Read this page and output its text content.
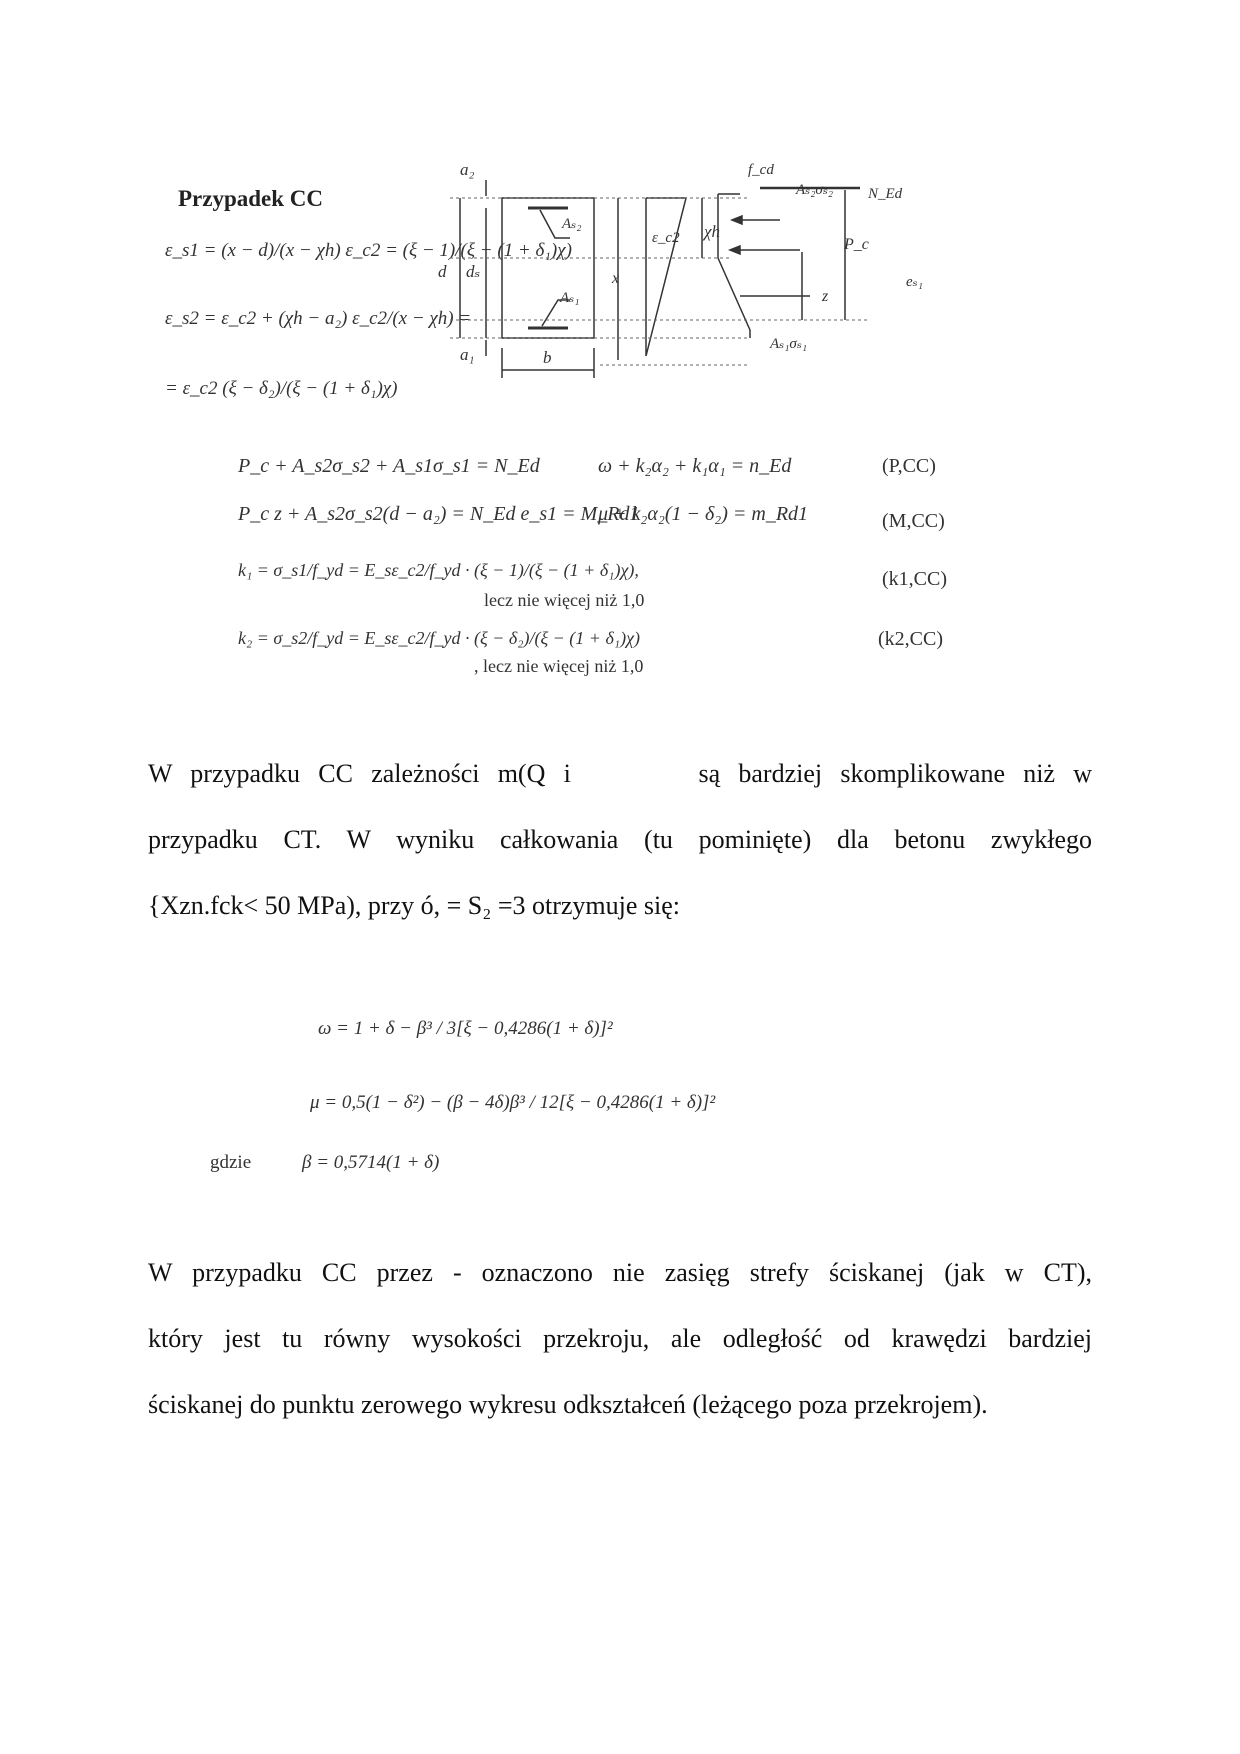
Przypadek CC
ε_s1 = (x − d)/(x − χh) ε_c2 = (ξ − 1)/(ξ − (1 + δ₁)χ)
ε_s2 = ε_c2 + (χh − a₂) ε_c2/(x − χh) =
= ε_c2 (ξ − δ₂)/(ξ − (1 + δ₁)χ)
a₂
a₁
d dₛ
b
Aₛ₂
Aₛ₁
x
ε_c2 χh
f_cd
Aₛ₂σₛ₂ N_Ed
P_c
z
eₛ₁
Aₛ₁σₛ₁
P_c + A_s2σ_s2 + A_s1σ_s1 = N_Ed	ω + k₂α₂ + k₁α₁ = n_Ed	(P,CC)
P_c z + A_s2σ_s2(d − a₂) = N_Ed e_s1 = M_Rd1
μ + k₂α₂(1 − δ₂) = m_Rd1	(M,CC)
k₁ = σ_s1/f_yd = E_sε_c2/f_yd · (ξ − 1)/(ξ − (1 + δ₁)χ),
lecz nie więcej niż 1,0
(k1,CC)
k₂ = σ_s2/f_yd = E_sε_c2/f_yd · (ξ − δ₂)/(ξ − (1 + δ₁)χ)
, lecz nie więcej niż 1,0
(k2,CC)

W przypadku CC zależności m(Q i       są bardziej skomplikowane niż w

przypadku CT. W wyniku całkowania (tu pominięte) dla betonu zwykłego

{Xzn.fck< 50 MPa), przy ó, = S₂ =3 otrzymuje się:

ω = 1 + δ − β³ / 3[ξ − 0,4286(1 + δ)]²
μ = 0,5(1 − δ²) − (β − 4δ)β³ / 12[ξ − 0,4286(1 + δ)]²
gdzie	β = 0,5714(1 + δ)

W przypadku CC przez - oznaczono nie zasięg strefy ściskanej (jak w CT),

który jest tu równy wysokości przekroju, ale odległość od krawędzi bardziej

ściskanej do punktu zerowego wykresu odkształceń (leżącego poza przekrojem).
